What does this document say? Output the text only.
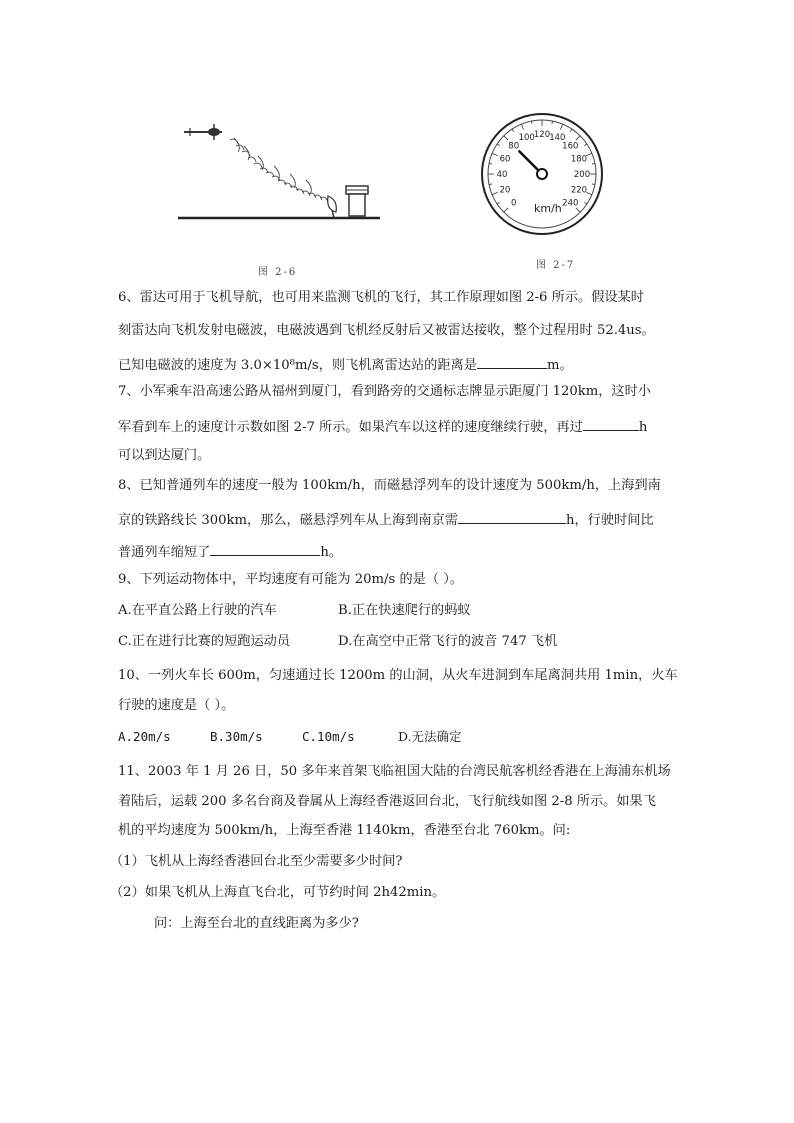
图 2-6
0
20
40
60
80
100 120 140
160
180
200
220
240
km/h
图 2-7
6、雷达可用于飞机导航，也可用来监测飞机的飞行，其工作原理如图 2-6 所示。假设某时
刻雷达向飞机发射电磁波，电磁波遇到飞机经反射后又被雷达接收，整个过程用时 52.4us。
已知电磁波的速度为 3.0×10⁸m/s，则飞机离雷达站的距离是	m。
7、小军乘车沿高速公路从福州到厦门，看到路旁的交通标志牌显示距厦门 120km，这时小
军看到车上的速度计示数如图 2-7 所示。如果汽车以这样的速度继续行驶，再过	h
可以到达厦门。
8、已知普通列车的速度一般为 100km/h，而磁悬浮列车的设计速度为 500km/h，上海到南
京的铁路线长 300km，那么，磁悬浮列车从上海到南京需	h，行驶时间比
普通列车缩短了	h。
9、下列运动物体中，平均速度有可能为 20m/s 的是（ ）。
A.在平直公路上行驶的汽车	B.正在快速爬行的蚂蚁
C.正在进行比赛的短跑运动员	D.在高空中正常飞行的波音 747 飞机
10、一列火车长 600m，匀速通过长 1200m 的山洞，从火车进洞到车尾离洞共用 1min，火车
行驶的速度是（ ）。
A.20m/s	B.30m/s	C.10m/s	D.无法确定
11、2003 年 1 月 26 日，50 多年来首架飞临祖国大陆的台湾民航客机经香港在上海浦东机场
着陆后，运载 200 多名台商及眷属从上海经香港返回台北，飞行航线如图 2-8 所示。如果飞
机的平均速度为 500km/h，上海至香港 1140km，香港至台北 760km。问:
（1）飞机从上海经香港回台北至少需要多少时间?
（2）如果飞机从上海直飞台北，可节约时间 2h42min。
问：上海至台北的直线距离为多少?
